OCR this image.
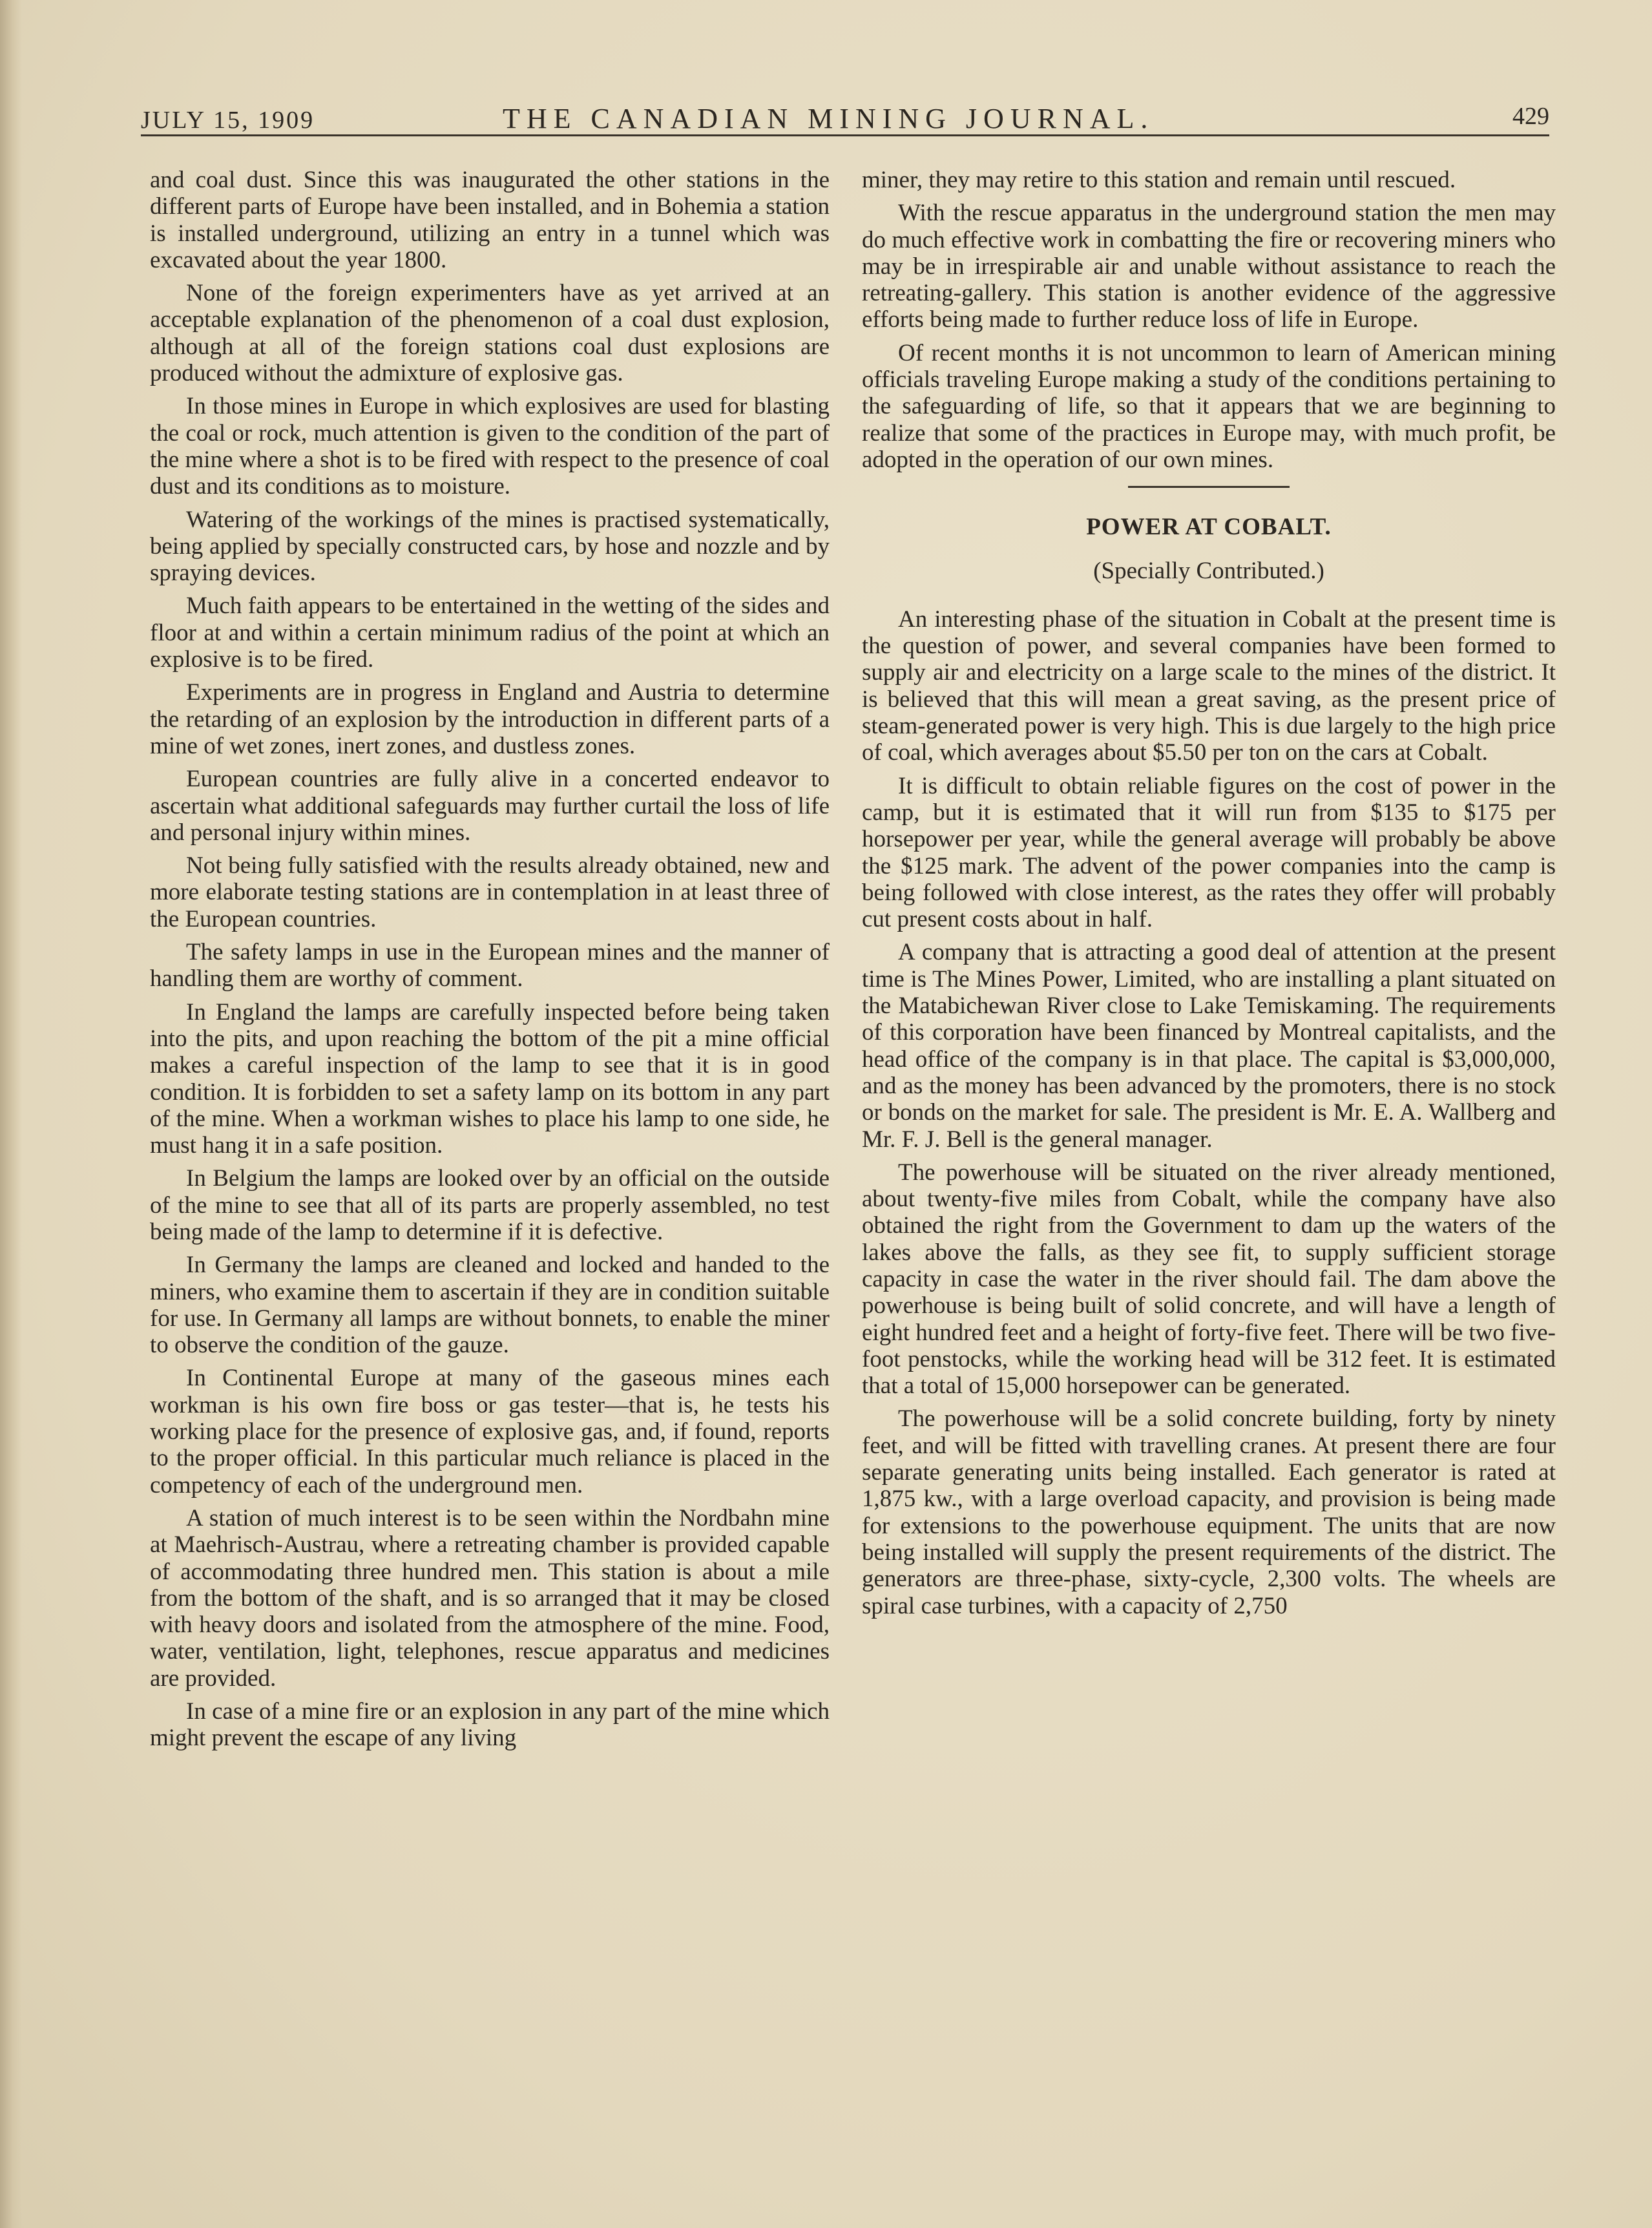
JULY 15, 1909	THE CANADIAN MINING JOURNAL.	429

and coal dust. Since this was inaugurated the other stations in the different parts of Europe have been installed, and in Bohemia a station is installed underground, utilizing an entry in a tunnel which was excavated about the year 1800.

None of the foreign experimenters have as yet arrived at an acceptable explanation of the phenomenon of a coal dust explosion, although at all of the foreign stations coal dust explosions are produced without the admixture of explosive gas.

In those mines in Europe in which explosives are used for blasting the coal or rock, much attention is given to the condition of the part of the mine where a shot is to be fired with respect to the presence of coal dust and its conditions as to moisture.

Watering of the workings of the mines is practised systematically, being applied by specially constructed cars, by hose and nozzle and by spraying devices.

Much faith appears to be entertained in the wetting of the sides and floor at and within a certain minimum radius of the point at which an explosive is to be fired.

Experiments are in progress in England and Austria to determine the retarding of an explosion by the introduction in different parts of a mine of wet zones, inert zones, and dustless zones.

European countries are fully alive in a concerted endeavor to ascertain what additional safeguards may further curtail the loss of life and personal injury within mines.

Not being fully satisfied with the results already obtained, new and more elaborate testing stations are in contemplation in at least three of the European countries.

The safety lamps in use in the European mines and the manner of handling them are worthy of comment.

In England the lamps are carefully inspected before being taken into the pits, and upon reaching the bottom of the pit a mine official makes a careful inspection of the lamp to see that it is in good condition. It is forbidden to set a safety lamp on its bottom in any part of the mine. When a workman wishes to place his lamp to one side, he must hang it in a safe position.

In Belgium the lamps are looked over by an official on the outside of the mine to see that all of its parts are properly assembled, no test being made of the lamp to determine if it is defective.

In Germany the lamps are cleaned and locked and handed to the miners, who examine them to ascertain if they are in condition suitable for use. In Germany all lamps are without bonnets, to enable the miner to observe the condition of the gauze.

In Continental Europe at many of the gaseous mines each workman is his own fire boss or gas tester—that is, he tests his working place for the presence of explosive gas, and, if found, reports to the proper official. In this particular much reliance is placed in the competency of each of the underground men.

A station of much interest is to be seen within the Nordbahn mine at Maehrisch-Austrau, where a retreating chamber is provided capable of accommodating three hundred men. This station is about a mile from the bottom of the shaft, and is so arranged that it may be closed with heavy doors and isolated from the atmosphere of the mine. Food, water, ventilation, light, telephones, rescue apparatus and medicines are provided.

In case of a mine fire or an explosion in any part of the mine which might prevent the escape of any living

miner, they may retire to this station and remain until rescued.

With the rescue apparatus in the underground station the men may do much effective work in combatting the fire or recovering miners who may be in irrespirable air and unable without assistance to reach the retreating-gallery. This station is another evidence of the aggressive efforts being made to further reduce loss of life in Europe.

Of recent months it is not uncommon to learn of American mining officials traveling Europe making a study of the conditions pertaining to the safeguarding of life, so that it appears that we are beginning to realize that some of the practices in Europe may, with much profit, be adopted in the operation of our own mines.

POWER AT COBALT.
(Specially Contributed.)

An interesting phase of the situation in Cobalt at the present time is the question of power, and several companies have been formed to supply air and electricity on a large scale to the mines of the district. It is believed that this will mean a great saving, as the present price of steam-generated power is very high. This is due largely to the high price of coal, which averages about $5.50 per ton on the cars at Cobalt.

It is difficult to obtain reliable figures on the cost of power in the camp, but it is estimated that it will run from $135 to $175 per horsepower per year, while the general average will probably be above the $125 mark. The advent of the power companies into the camp is being followed with close interest, as the rates they offer will probably cut present costs about in half.

A company that is attracting a good deal of attention at the present time is The Mines Power, Limited, who are installing a plant situated on the Matabichewan River close to Lake Temiskaming. The requirements of this corporation have been financed by Montreal capitalists, and the head office of the company is in that place. The capital is $3,000,000, and as the money has been advanced by the promoters, there is no stock or bonds on the market for sale. The president is Mr. E. A. Wallberg and Mr. F. J. Bell is the general manager.

The powerhouse will be situated on the river already mentioned, about twenty-five miles from Cobalt, while the company have also obtained the right from the Government to dam up the waters of the lakes above the falls, as they see fit, to supply sufficient storage capacity in case the water in the river should fail. The dam above the powerhouse is being built of solid concrete, and will have a length of eight hundred feet and a height of forty-five feet. There will be two five-foot penstocks, while the working head will be 312 feet. It is estimated that a total of 15,000 horsepower can be generated.

The powerhouse will be a solid concrete building, forty by ninety feet, and will be fitted with travelling cranes. At present there are four separate generating units being installed. Each generator is rated at 1,875 kw., with a large overload capacity, and provision is being made for extensions to the powerhouse equipment. The units that are now being installed will supply the present requirements of the district. The generators are three-phase, sixty-cycle, 2,300 volts. The wheels are spiral case turbines, with a capacity of 2,750
